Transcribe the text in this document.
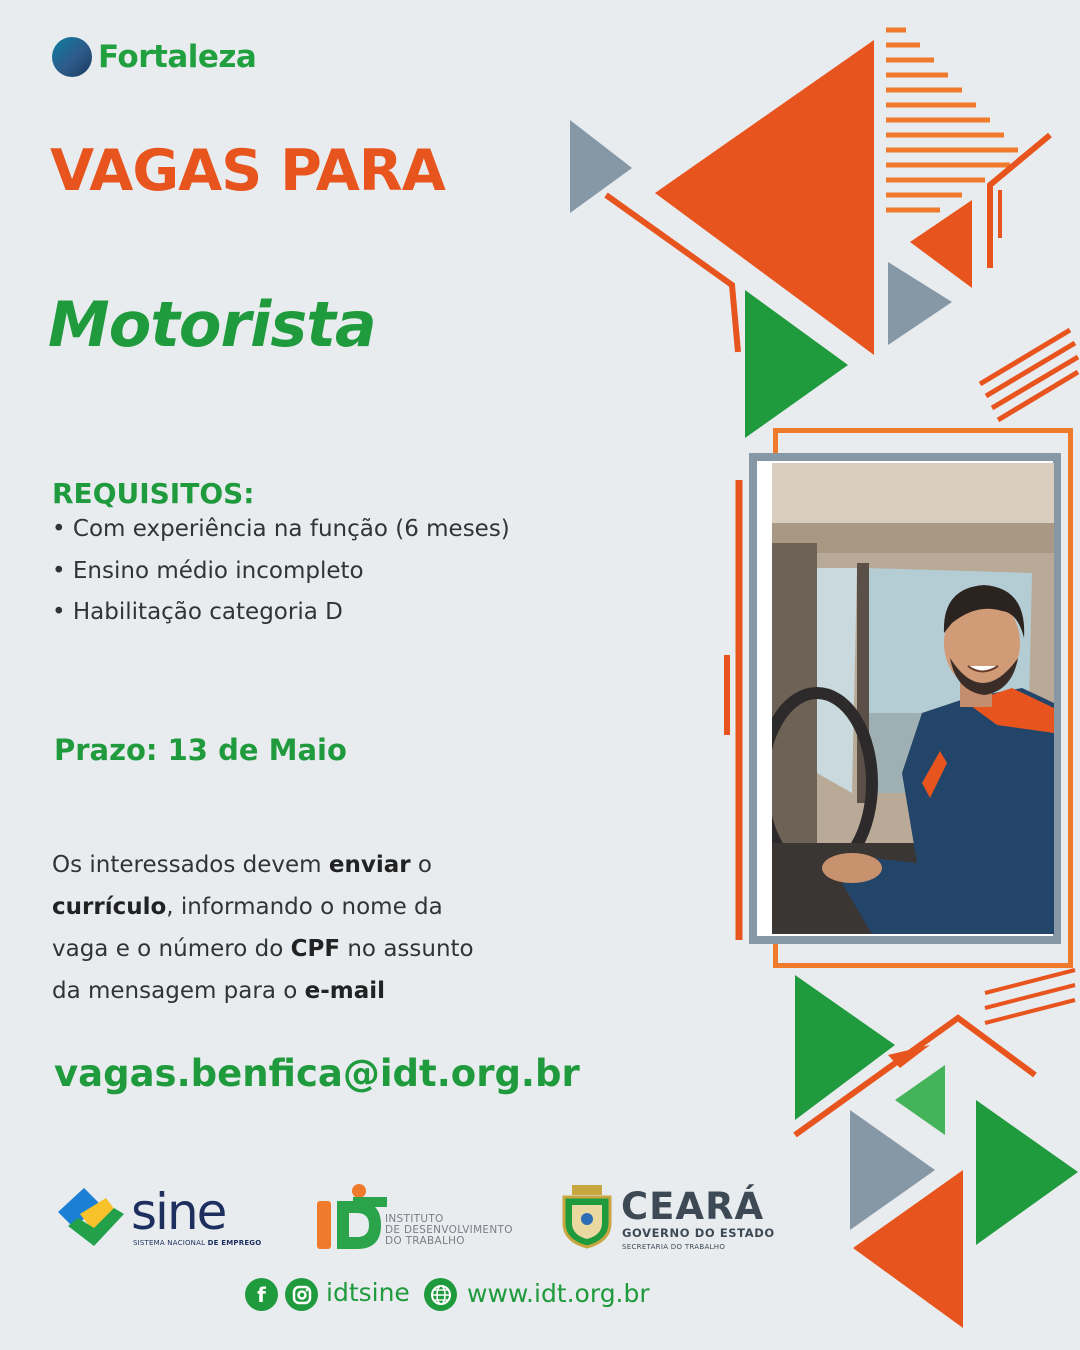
Fortaleza
VAGAS PARA
Motorista
REQUISITOS:
• Com experiência na função (6 meses)
• Ensino médio incompleto
• Habilitação categoria D
Prazo: 13 de Maio
Os interessados devem enviar o
currículo, informando o nome da
vaga e o número do CPF no assunto
da mensagem para o e-mail
vagas.benfica@idt.org.br
sine
SISTEMA NACIONAL DE EMPREGO
INSTITUTO
DE DESENVOLVIMENTO
DO TRABALHO
CEARÁ
GOVERNO DO ESTADO
SECRETARIA DO TRABALHO
f	idtsine www.idt.org.br
